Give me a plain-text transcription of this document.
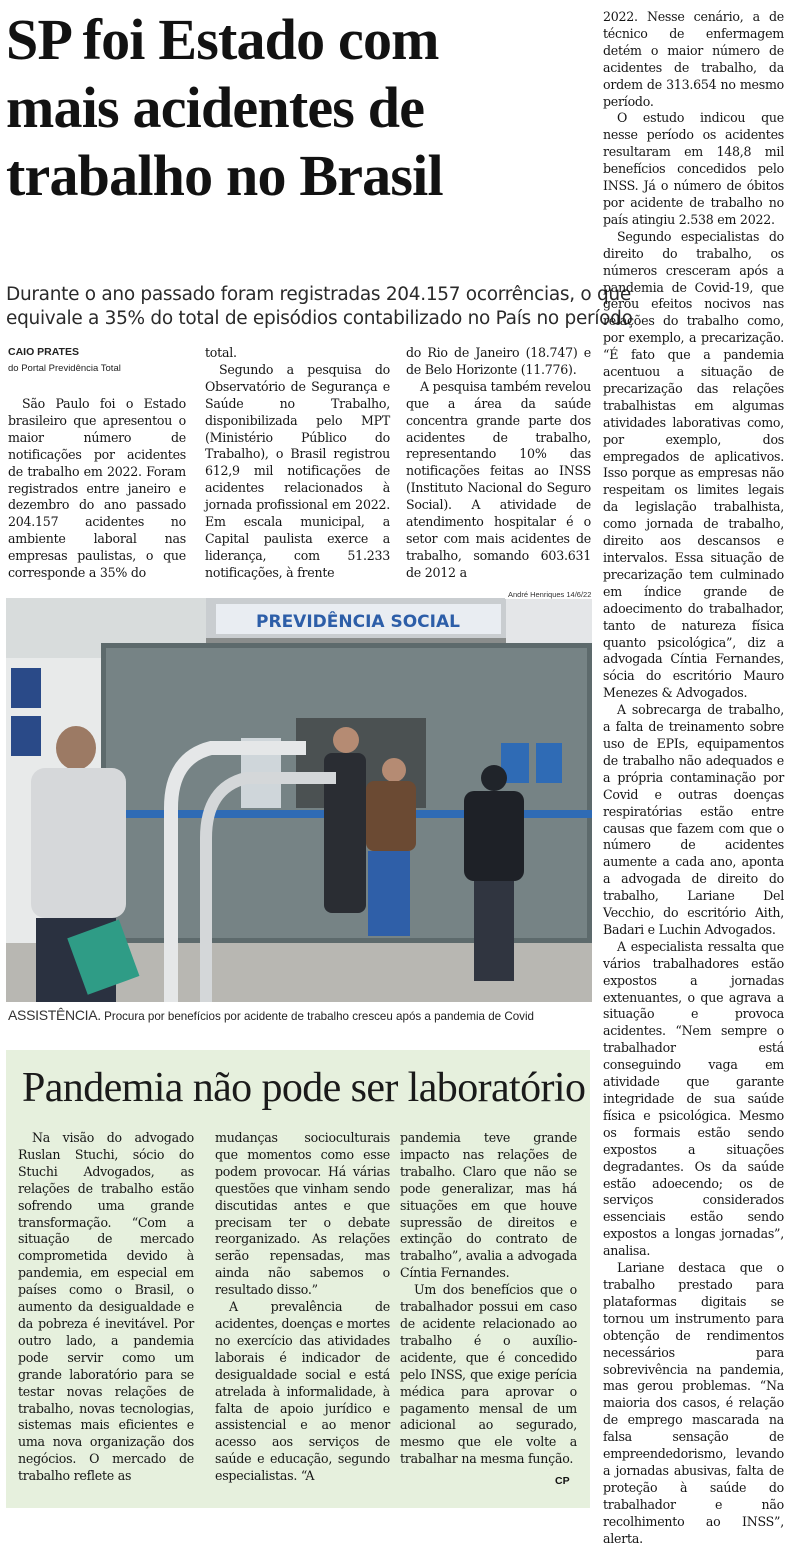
SP foi Estado com
mais acidentes de
trabalho no Brasil
Durante o ano passado foram registradas 204.157 ocorrências, o que
equivale a 35% do total de episódios contabilizado no País no período
CAIO PRATES
do Portal Previdência Total

São Paulo foi o Estado brasileiro que apresentou o maior número de notificações por acidentes de trabalho em 2022. Foram registrados entre janeiro e dezembro do ano passado 204.157 acidentes no ambiente laboral nas empresas paulistas, o que corresponde a 35% do

total.

Segundo a pesquisa do Observatório de Segurança e Saúde no Trabalho, disponibilizada pelo MPT (Ministério Público do Trabalho), o Brasil registrou 612,9 mil notificações de acidentes relacionados à jornada profissional em 2022. Em escala municipal, a Capital paulista exerce a liderança, com 51.233 notificações, à frente

do Rio de Janeiro (18.747) e de Belo Horizonte (11.776).

A pesquisa também revelou que a área da saúde concentra grande parte dos acidentes de trabalho, representando 10% das notificações feitas ao INSS (Instituto Nacional do Seguro Social). A atividade de atendimento hospitalar é o setor com mais acidentes de trabalho, somando 603.631 de 2012 a

2022. Nesse cenário, a de técnico de enfermagem detém o maior número de acidentes de trabalho, da ordem de 313.654 no mesmo período.

O estudo indicou que nesse período os acidentes resultaram em 148,8 mil benefícios concedidos pelo INSS. Já o número de óbitos por acidente de trabalho no país atingiu 2.538 em 2022.

Segundo especialistas do direito do trabalho, os números cresceram após a pandemia de Covid-19, que gerou efeitos nocivos nas relações do trabalho como, por exemplo, a precarização. “É fato que a pandemia acentuou a situação de precarização das relações trabalhistas em algumas atividades laborativas como, por exemplo, dos empregados de aplicativos. Isso porque as empresas não respeitam os limites legais da legislação trabalhista, como jornada de trabalho, direito aos descansos e intervalos. Essa situação de precarização tem culminado em índice grande de adoecimento do trabalhador, tanto de natureza física quanto psicológica”, diz a advogada Cíntia Fernandes, sócia do escritório Mauro Menezes & Advogados.

A sobrecarga de trabalho, a falta de treinamento sobre uso de EPIs, equipamentos de trabalho não adequados e a própria contaminação por Covid e outras doenças respiratórias estão entre causas que fazem com que o número de acidentes aumente a cada ano, aponta a advogada de direito do trabalho, Lariane Del Vecchio, do escritório Aith, Badari e Luchin Advogados.

A especialista ressalta que vários trabalhadores estão expostos a jornadas extenuantes, o que agrava a situação e provoca acidentes. “Nem sempre o trabalhador está conseguindo vaga em atividade que garante integridade de sua saúde física e psicológica. Mesmo os formais estão sendo expostos a situações degradantes. Os da saúde estão adoecendo; os de serviços considerados essenciais estão sendo expostos a longas jornadas”, analisa.

Lariane destaca que o trabalho prestado para plataformas digitais se tornou um instrumento para obtenção de rendimentos necessários para sobrevivência na pandemia, mas gerou problemas. “Na maioria dos casos, é relação de emprego mascarada na falsa sensação de empreendedorismo, levando a jornadas abusivas, falta de proteção à saúde do trabalhador e não recolhimento ao INSS”, alerta.

PREVIDÊNCIA SOCIAL
André Henriques 14/6/22
ASSISTÊNCIA. Procura por benefícios por acidente de trabalho cresceu após a pandemia de Covid
Pandemia não pode ser laboratório

Na visão do advogado Ruslan Stuchi, sócio do Stuchi Advogados, as relações de trabalho estão sofrendo uma grande transformação. “Com a situação de mercado comprometida devido à pandemia, em especial em países como o Brasil, o aumento da desigualdade e da pobreza é inevitável. Por outro lado, a pandemia pode servir como um grande laboratório para se testar novas relações de trabalho, novas tecnologias, sistemas mais eficientes e uma nova organização dos negócios. O mercado de trabalho reflete as

mudanças socioculturais que momentos como esse podem provocar. Há várias questões que vinham sendo discutidas antes e que precisam ter o debate reorganizado. As relações serão repensadas, mas ainda não sabemos o resultado disso.”

A prevalência de acidentes, doenças e mortes no exercício das atividades laborais é indicador de desigualdade social e está atrelada à informalidade, à falta de apoio jurídico e assistencial e ao menor acesso aos serviços de saúde e educação, segundo especialistas. “A

pandemia teve grande impacto nas relações de trabalho. Claro que não se pode generalizar, mas há situações em que houve supressão de direitos e extinção do contrato de trabalho”, avalia a advogada Cíntia Fernandes.

Um dos benefícios que o trabalhador possui em caso de acidente relacionado ao trabalho é o auxílio-acidente, que é concedido pelo INSS, que exige perícia médica para aprovar o pagamento mensal de um adicional ao segurado, mesmo que ele volte a trabalhar na mesma função.

CP
